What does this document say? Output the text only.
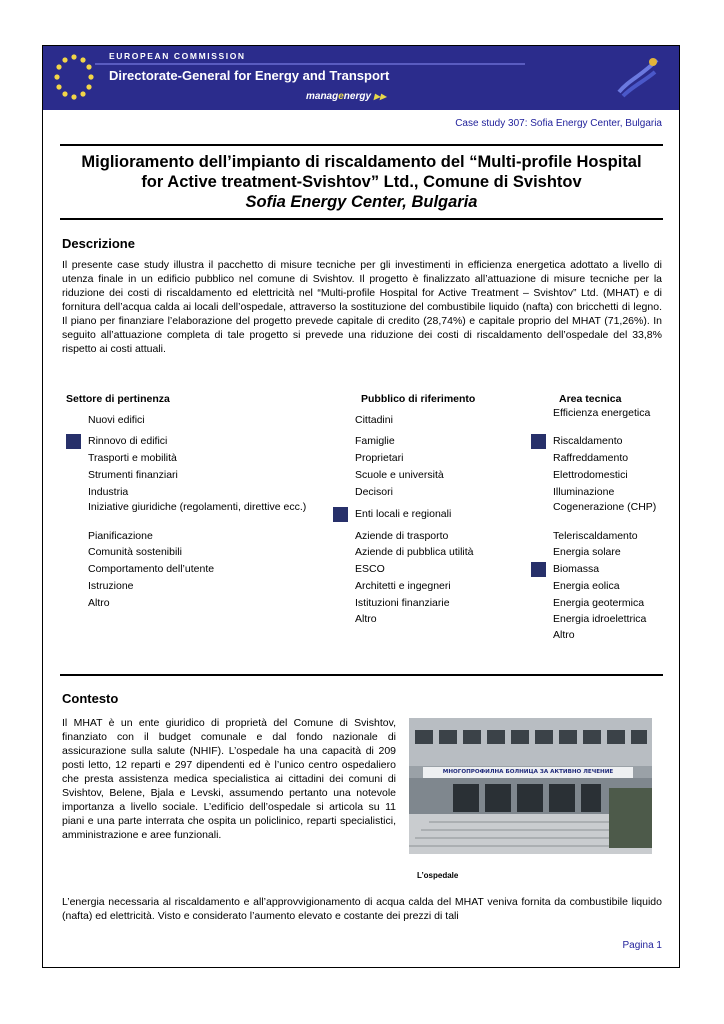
EUROPEAN COMMISSION
Directorate-General for Energy and Transport
managenergy ▶▶
Case study 307: Sofia Energy Center, Bulgaria
Miglioramento dell’impianto di riscaldamento del “Multi-profile Hospital
for Active treatment-Svishtov” Ltd., Comune di Svishtov
Sofia Energy Center, Bulgaria
Descrizione

Il presente case study illustra il pacchetto di misure tecniche per gli investimenti in efficienza energetica adottato a livello di utenza finale in un edificio pubblico nel comune di Svishtov. Il progetto è finalizzato all’attuazione di misure tecniche per la riduzione dei costi di riscaldamento ed elettricità nel “Multi-profile Hospital for Active Treatment – Svishtov” Ltd. (MHAT) e di fornitura dell’acqua calda ai locali dell’ospedale, attraverso la sostituzione del combustibile liquido (nafta) con bricchetti di legno. Il piano per finanziare l’elaborazione del progetto prevede capitale di credito (28,74%) e capitale proprio del MHAT (71,26%). In seguito all’attuazione completa di tale progetto si prevede una riduzione dei costi di riscaldamento dell’ospedale del 33,8% rispetto ai costi attuali.

Settore di pertinenza	Pubblico di riferimento	Area tecnica
Nuovi edifici
Rinnovo di edifici
Trasporti e mobilità
Strumenti finanziari
Industria
Iniziative giuridiche (regolamenti, direttive ecc.)
Pianificazione
Comunità sostenibili
Comportamento dell’utente
Istruzione
Altro
Cittadini
Famiglie
Proprietari
Scuole e università
Decisori
Enti locali e regionali
Aziende di trasporto
Aziende di pubblica utilità
ESCO
Architetti e ingegneri
Istituzioni finanziarie
Altro
Efficienza energetica
Riscaldamento
Raffreddamento
Elettrodomestici
Illuminazione
Cogenerazione (CHP)
Teleriscaldamento
Energia solare
Biomassa
Energia eolica
Energia geotermica
Energia idroelettrica
Altro
Contesto

Il MHAT è un ente giuridico di proprietà del Comune di Svishtov, finanziato con il budget comunale e dal fondo nazionale di assicurazione sulla salute (NHIF). L’ospedale ha una capacità di 209 posti letto, 12 reparti e 297 dipendenti ed è l’unico centro ospedaliero che presta assistenza medica specialistica ai cittadini dei comuni di Svishtov, Belene, Bjala e Levski, assumendo pertanto una notevole importanza a livello sociale. L’edificio dell’ospedale si articola su 11 piani e una parte interrata che ospita un policlinico, reparti specialistici, amministrazione e aree funzionali.

МНОГОПРОФИЛНА БОЛНИЦА ЗА АКТИВНО ЛЕЧЕНИЕ
L’ospedale

L’energia necessaria al riscaldamento e all’approvvigionamento di acqua calda del MHAT veniva fornita da combustibile liquido (nafta) ed elettricità. Visto e considerato l’aumento elevato e costante dei prezzi di tali

Pagina 1
